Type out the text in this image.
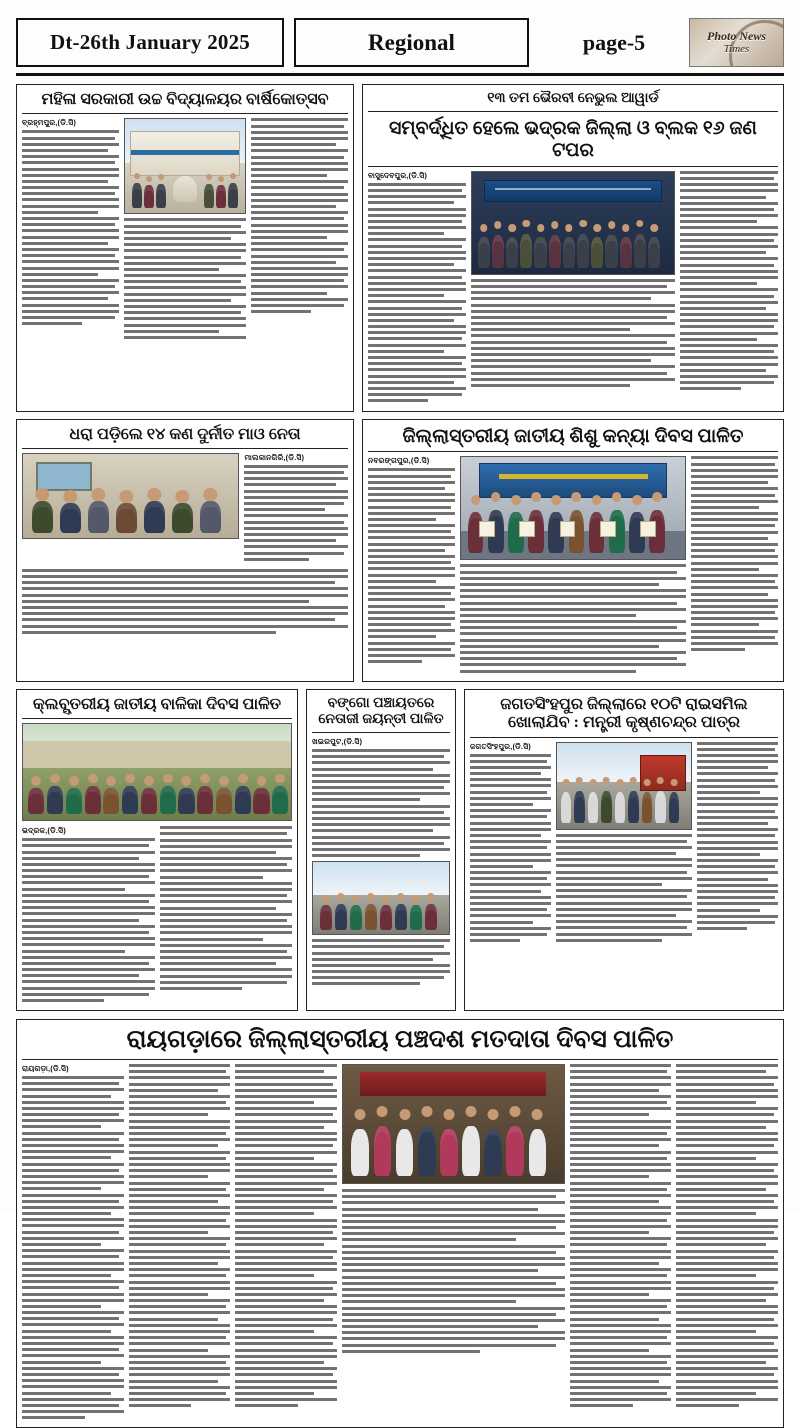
Dt-26th January 2025	Regional	page-5	Photo News
Times
ମହିଳା ସରକାରୀ ଉଚ୍ଚ ବିଦ୍ୟାଳୟର ବାର୍ଷିକୋତ୍ସବ
ବ୍ରହ୍ମପୁର,(ଡି.ସି)
୧୩ ତମ ଭୈରବୀ ନେଭୁଲ ଆୱାର୍ଡ
ସମ୍ବର୍ଦ୍ଧିତ ହେଲେ ଭଦ୍ରକ ଜିଲ୍ଲା ଓ ବ୍ଲକ ୧୬ ଜଣ ଟପର
ବାସୁଦେବପୁର,(ଡି.ସି)
ଧରା ପଡ଼ିଲେ ୧୪ କଣ ଦୁର୍ନୀତ ମାଓ ନେତା
ମାଲକାନଗିରି,(ଡି.ସି)
ଜିଲ୍ଲାସ୍ତରୀୟ ଜାତୀୟ ଶିଶୁ କନ୍ୟା ଦିବସ ପାଳିତ
ନବରଙ୍ଗପୁର,(ଡି.ସି)
କ୍ଲବ୍ସ୍ତରୀୟ ଜାତୀୟ ବାଳିକା ଦିବସ ପାଳିତ
ଭଦ୍ରକ,(ଡି.ସି)
ବଙ୍ଗୋ ପଞ୍ଚାୟତରେ ନେତାଜୀ ଜୟନ୍ତୀ ପାଳିତ
ଖଇରପୁଟ,(ଡି.ସି)
ଜଗତସିଂହପୁର ଜିଲ୍ଲାରେ ୧୦ଟି ରାଇସମିଲ ଖୋଲାଯିବ : ମନ୍ତ୍ରୀ କୃଷ୍ଣଚନ୍ଦ୍ର ପାତ୍ର
ଜଗତସିଂହପୁର,(ଡି.ସି)
ରାୟଗଡ଼ାରେ ଜିଲ୍ଲାସ୍ତରୀୟ ପଞ୍ଚଦଶ ମତଦାତା ଦିବସ ପାଳିତ
ରାୟଗଡ଼ା,(ଡି.ସି)
